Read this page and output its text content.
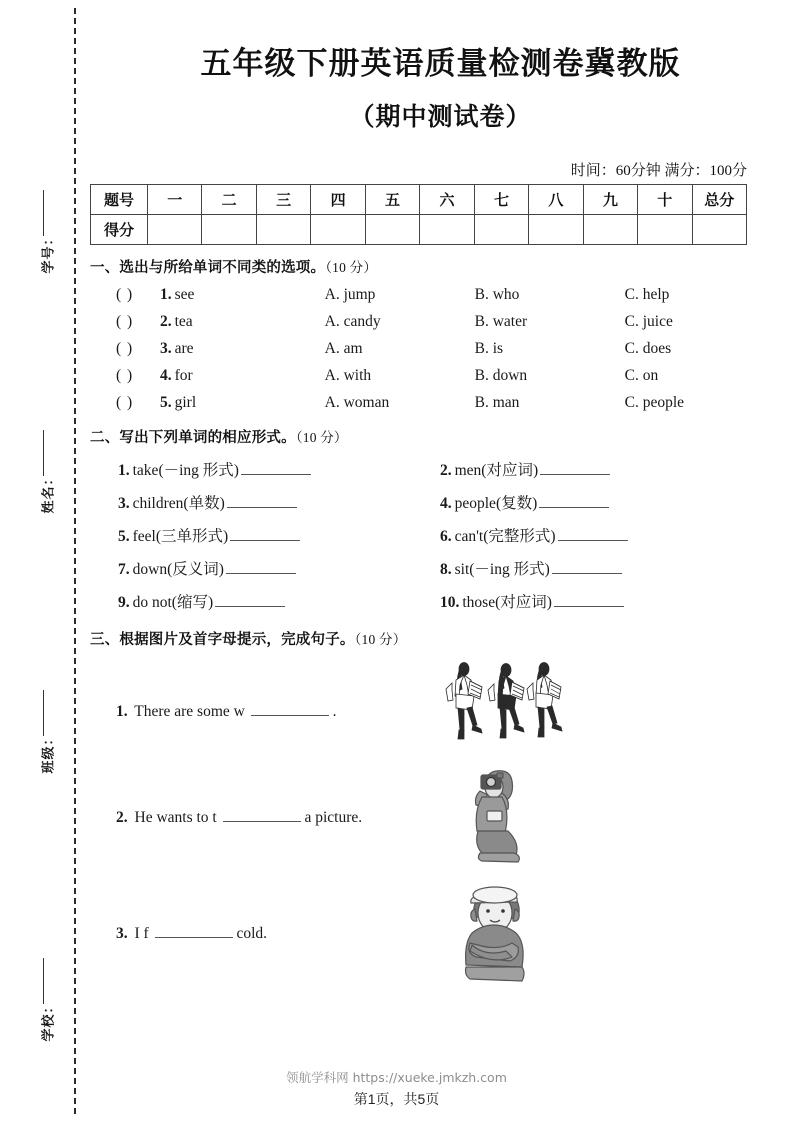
学号：
姓名：
班级：
学校：
五年级下册英语质量检测卷冀教版
（期中测试卷）
时间：60分钟 满分：100分
题号	一	二	三	四	五	六	七	八	九	十	总分
得分											
一、选出与所给单词不同类的选项。（10 分）
( )	1. see	A. jump	B. who	C. help
( )	2. tea	A. candy	B. water	C. juice
( )	3. are	A. am	B. is	C. does
( )	4. for	A. with	B. down	C. on
( )	5. girl	A. woman	B. man	C. people
二、写出下列单词的相应形式。（10 分）
1. take(－ing 形式)	2. men(对应词)
3. children(单数)	4. people(复数)
5. feel(三单形式)	6. can't(完整形式)
7. down(反义词)	8. sit(－ing 形式)
9. do not(缩写)	10. those(对应词)
三、根据图片及首字母提示，完成句子。（10 分）
1. There are some w	.
2. He wants to t	a picture.
3. I f	cold.
领航学科网 https://xueke.jmkzh.com
第1页，共5页
